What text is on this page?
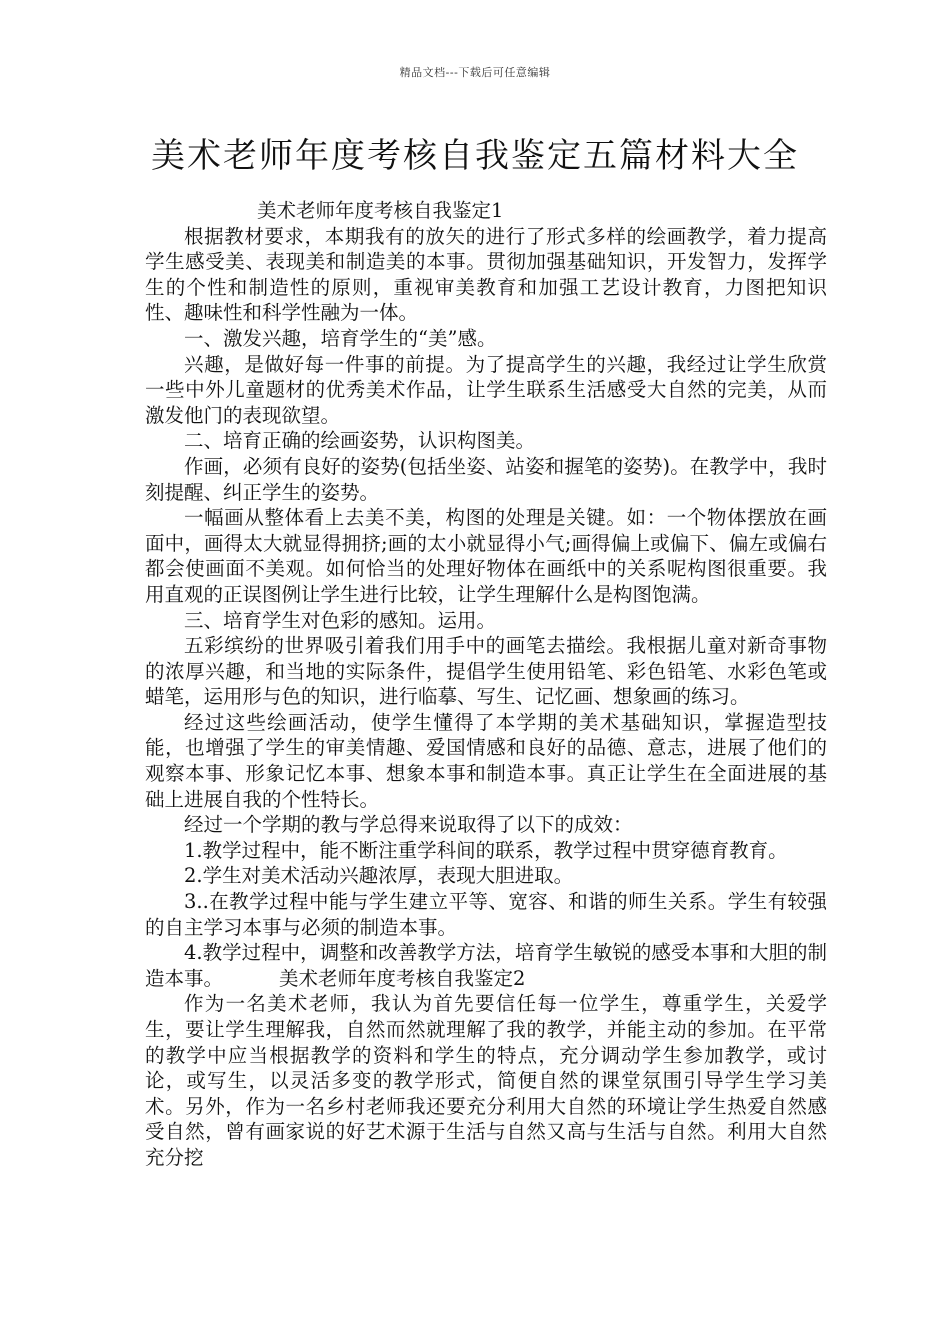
精品文档---下载后可任意编辑
美术老师年度考核自我鉴定五篇材料大全

美术老师年度考核自我鉴定1

根据教材要求，本期我有的放矢的进行了形式多样的绘画教学，着力提高学生感受美、表现美和制造美的本事。贯彻加强基础知识，开发智力，发挥学生的个性和制造性的原则，重视审美教育和加强工艺设计教育，力图把知识性、趣味性和科学性融为一体。

一、激发兴趣，培育学生的“美”感。

兴趣，是做好每一件事的前提。为了提高学生的兴趣，我经过让学生欣赏一些中外儿童题材的优秀美术作品，让学生联系生活感受大自然的完美，从而激发他门的表现欲望。

二、培育正确的绘画姿势，认识构图美。

作画，必须有良好的姿势(包括坐姿、站姿和握笔的姿势)。在教学中，我时刻提醒、纠正学生的姿势。

一幅画从整体看上去美不美，构图的处理是关键。如：一个物体摆放在画面中，画得太大就显得拥挤;画的太小就显得小气;画得偏上或偏下、偏左或偏右都会使画面不美观。如何恰当的处理好物体在画纸中的关系呢构图很重要。我用直观的正误图例让学生进行比较，让学生理解什么是构图饱满。

三、培育学生对色彩的感知。运用。

五彩缤纷的世界吸引着我们用手中的画笔去描绘。我根据儿童对新奇事物的浓厚兴趣，和当地的实际条件，提倡学生使用铅笔、彩色铅笔、水彩色笔或蜡笔，运用形与色的知识，进行临摹、写生、记忆画、想象画的练习。

经过这些绘画活动，使学生懂得了本学期的美术基础知识，掌握造型技能，也增强了学生的审美情趣、爱国情感和良好的品德、意志，进展了他们的观察本事、形象记忆本事、想象本事和制造本事。真正让学生在全面进展的基础上进展自我的个性特长。

经过一个学期的教与学总得来说取得了以下的成效：

1.教学过程中，能不断注重学科间的联系，教学过程中贯穿德育教育。

2.学生对美术活动兴趣浓厚，表现大胆进取。

3..在教学过程中能与学生建立平等、宽容、和谐的师生关系。学生有较强的自主学习本事与必须的制造本事。

4.教学过程中，调整和改善教学方法，培育学生敏锐的感受本事和大胆的制造本事。	美术老师年度考核自我鉴定2

作为一名美术老师，我认为首先要信任每一位学生，尊重学生，关爱学生，要让学生理解我，自然而然就理解了我的教学，并能主动的参加。在平常的教学中应当根据教学的资料和学生的特点，充分调动学生参加教学，或讨论，或写生，以灵活多变的教学形式，简便自然的课堂氛围引导学生学习美术。另外，作为一名乡村老师我还要充分利用大自然的环境让学生热爱自然感受自然，曾有画家说的好艺术源于生活与自然又高与生活与自然。利用大自然充分挖
